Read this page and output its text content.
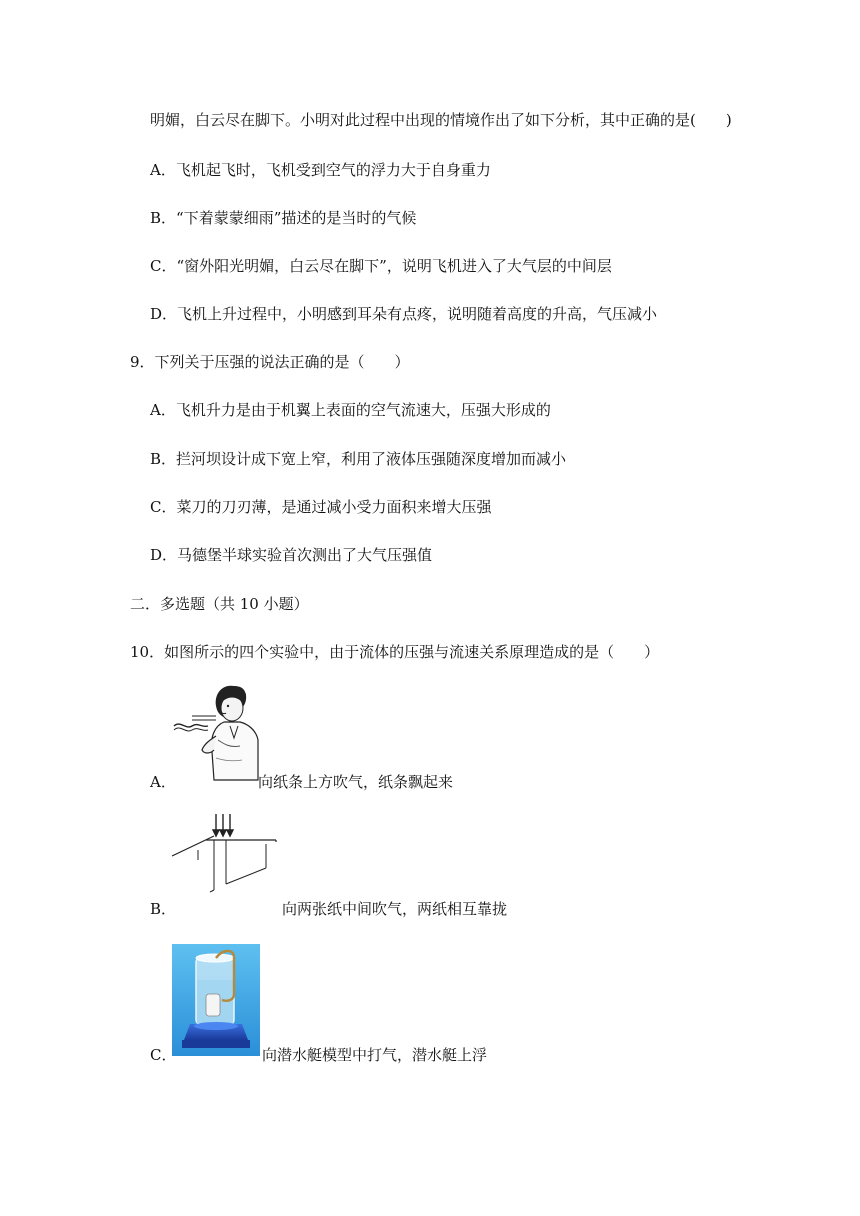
明媚，白云尽在脚下。小明对此过程中出现的情境作出了如下分析，其中正确的是(　　)
A．飞机起飞时，飞机受到空气的浮力大于自身重力
B．“下着蒙蒙细雨”描述的是当时的气候
C．“窗外阳光明媚，白云尽在脚下”，说明飞机进入了大气层的中间层
D．飞机上升过程中，小明感到耳朵有点疼，说明随着高度的升高，气压减小
9．下列关于压强的说法正确的是（　　）
A．飞机升力是由于机翼上表面的空气流速大，压强大形成的
B．拦河坝设计成下宽上窄，利用了液体压强随深度增加而减小
C．菜刀的刀刃薄，是通过减小受力面积来增大压强
D．马德堡半球实验首次测出了大气压强值
二．多选题（共 10 小题）
10．如图所示的四个实验中，由于流体的压强与流速关系原理造成的是（　　）
A．	向纸条上方吹气，纸条飘起来
B．	向两张纸中间吹气，两纸相互靠拢
C．	向潜水艇模型中打气，潜水艇上浮
